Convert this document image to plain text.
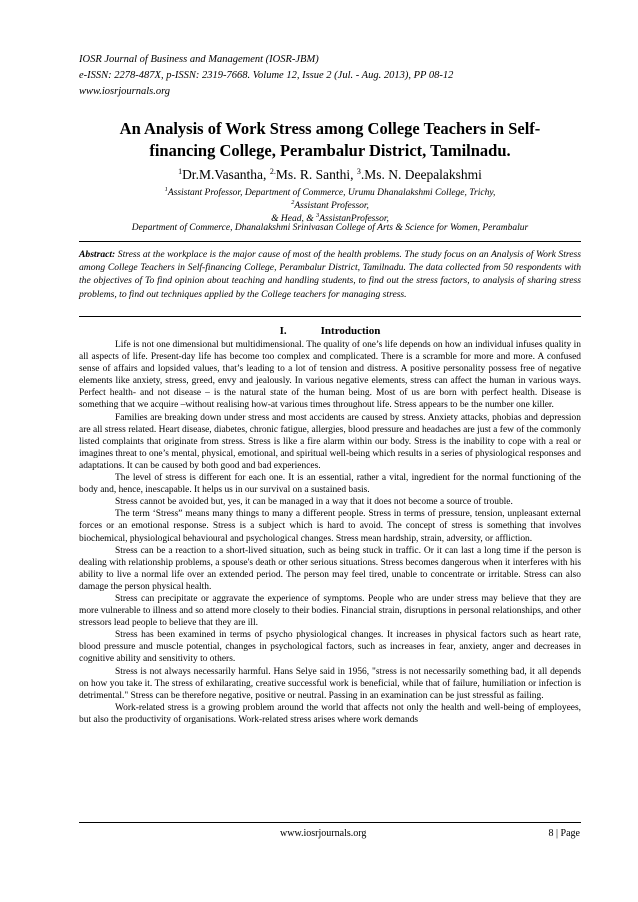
IOSR Journal of Business and Management (IOSR-JBM)
e-ISSN: 2278-487X, p-ISSN: 2319-7668. Volume 12, Issue 2 (Jul. - Aug. 2013), PP 08-12
www.iosrjournals.org
An Analysis of Work Stress among College Teachers in Self-
financing College, Perambalur District, Tamilnadu.
$^1$Dr.M.Vasantha, $^{2.}$Ms. R. Santhi, $^3$.Ms. N. Deepalakshmi
$^1$Assistant Professor, Department of Commerce, Urumu Dhanalakshmi College, Trichy,
$^2$Assistant Professor,
& Head, & $^3$AssistanProfessor,
Department of Commerce, Dhanalakshmi Srinivasan College of Arts & Science for Women, Perambalur
Abstract: Stress at the workplace is the major cause of most of the health problems. The study focus on an Analysis of Work Stress among College Teachers in Self-financing College, Perambalur District, Tamilnadu. The data collected from 50 respondents with the objectives of To find opinion about teaching and handling students, to find out the stress factors, to analysis of sharing stress problems, to find out techniques applied by the College teachers for managing stress.
I.	Introduction

Life is not one dimensional but multidimensional. The quality of one’s life depends on how an individual infuses quality in all aspects of life. Present-day life has become too complex and complicated. There is a scramble for more and more. A confused sense of affairs and lopsided values, that’s leading to a lot of tension and distress. A positive personality possess free of negative elements like anxiety, stress, greed, envy and jealously. In various negative elements, stress can affect the human in various ways. Perfect health- and not disease – is the natural state of the human being. Most of us are born with perfect health. Disease is something that we acquire –without realising how-at various times throughout life. Stress appears to be the number one killer.

Families are breaking down under stress and most accidents are caused by stress. Anxiety attacks, phobias and depression are all stress related. Heart disease, diabetes, chronic fatigue, allergies, blood pressure and headaches are just a few of the commonly listed complaints that originate from stress. Stress is like a fire alarm within our body. Stress is the inability to cope with a real or imagines threat to one’s mental, physical, emotional, and spiritual well-being which results in a series of physiological responses and adaptations. It can be caused by both good and bad experiences.

The level of stress is different for each one. It is an essential, rather a vital, ingredient for the normal functioning of the body and, hence, inescapable. It helps us in our survival on a sustained basis.

Stress cannot be avoided but, yes, it can be managed in a way that it does not become a source of trouble.

The term ‘Stress” means many things to many a different people. Stress in terms of pressure, tension, unpleasant external forces or an emotional response. Stress is a subject which is hard to avoid. The concept of stress is something that involves biochemical, physiological behavioural and psychological changes. Stress mean hardship, strain, adversity, or affliction.

Stress can be a reaction to a short-lived situation, such as being stuck in traffic. Or it can last a long time if the person is dealing with relationship problems, a spouse's death or other serious situations. Stress becomes dangerous when it interferes with his ability to live a normal life over an extended period. The person may feel tired, unable to concentrate or irritable. Stress can also damage the person physical health.

Stress can precipitate or aggravate the experience of symptoms. People who are under stress may believe that they are more vulnerable to illness and so attend more closely to their bodies. Financial strain, disruptions in personal relationships, and other stressors lead people to believe that they are ill.

Stress has been examined in terms of psycho physiological changes. It increases in physical factors such as heart rate, blood pressure and muscle potential, changes in psychological factors, such as increases in fear, anxiety, anger and decreases in cognitive ability and sensitivity to others.

Stress is not always necessarily harmful. Hans Selye said in 1956, "stress is not necessarily something bad, it all depends on how you take it. The stress of exhilarating, creative successful work is beneficial, while that of failure, humiliation or infection is detrimental." Stress can be therefore negative, positive or neutral. Passing in an examination can be just stressful as failing.

Work-related stress is a growing problem around the world that affects not only the health and well-being of employees, but also the productivity of organisations. Work-related stress arises where work demands

www.iosrjournals.org	8 | Page
